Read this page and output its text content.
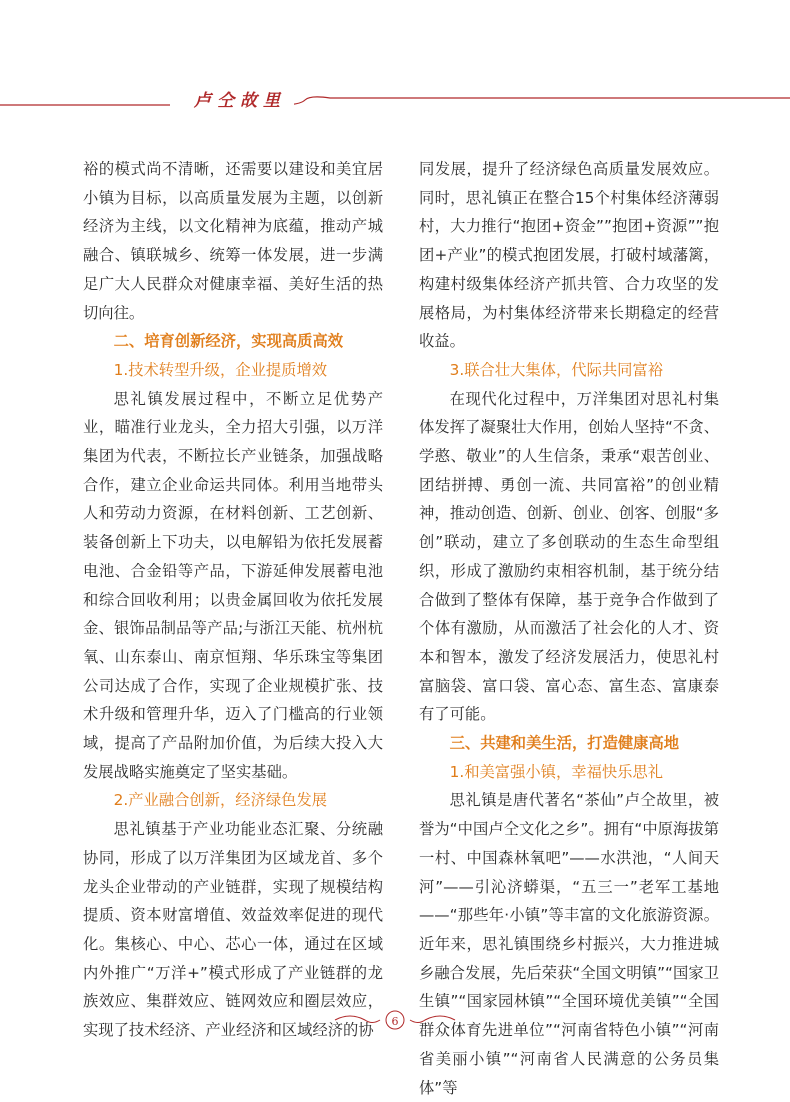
卢仝故里

裕的模式尚不清晰，还需要以建设和美宜居小镇为目标，以高质量发展为主题，以创新经济为主线，以文化精神为底蕴，推动产城融合、镇联城乡、统筹一体发展，进一步满足广大人民群众对健康幸福、美好生活的热切向往。

二、培育创新经济，实现高质高效

1.技术转型升级，企业提质增效

思礼镇发展过程中，不断立足优势产业，瞄准行业龙头，全力招大引强，以万洋集团为代表，不断拉长产业链条，加强战略合作，建立企业命运共同体。利用当地带头人和劳动力资源，在材料创新、工艺创新、装备创新上下功夫，以电解铅为依托发展蓄电池、合金铅等产品，下游延伸发展蓄电池和综合回收利用；以贵金属回收为依托发展金、银饰品制品等产品;与浙江天能、杭州杭氧、山东泰山、南京恒翔、华乐珠宝等集团公司达成了合作，实现了企业规模扩张、技术升级和管理升华，迈入了门槛高的行业领域，提高了产品附加价值，为后续大投入大发展战略实施奠定了坚实基础。

2.产业融合创新，经济绿色发展

思礼镇基于产业功能业态汇聚、分统融协同，形成了以万洋集团为区域龙首、多个龙头企业带动的产业链群，实现了规模结构提质、资本财富增值、效益效率促进的现代化。集核心、中心、芯心一体，通过在区域内外推广“万洋+”模式形成了产业链群的龙族效应、集群效应、链网效应和圈层效应，实现了技术经济、产业经济和区域经济的协

同发展，提升了经济绿色高质量发展效应。同时，思礼镇正在整合15个村集体经济薄弱村，大力推行“抱团+资金””抱团+资源””抱团+产业”的模式抱团发展，打破村域藩篱，构建村级集体经济产抓共管、合力攻坚的发展格局，为村集体经济带来长期稳定的经营收益。

3.联合壮大集体，代际共同富裕

在现代化过程中，万洋集团对思礼村集体发挥了凝聚壮大作用，创始人坚持“不贪、学憨、敬业”的人生信条，秉承“艰苦创业、团结拼搏、勇创一流、共同富裕”的创业精神，推动创造、创新、创业、创客、创服“多创”联动，建立了多创联动的生态生命型组织，形成了激励约束相容机制，基于统分结合做到了整体有保障，基于竞争合作做到了个体有激励，从而激活了社会化的人才、资本和智本，激发了经济发展活力，使思礼村富脑袋、富口袋、富心态、富生态、富康泰有了可能。

三、共建和美生活，打造健康高地

1.和美富强小镇，幸福快乐思礼

思礼镇是唐代著名“茶仙”卢仝故里，被誉为“中国卢仝文化之乡”。拥有“中原海拔第一村、中国森林氧吧”——水洪池，“人间天河”——引沁济蟒渠，“五三一”老军工基地——“那些年·小镇”等丰富的文化旅游资源。近年来，思礼镇围绕乡村振兴，大力推进城乡融合发展，先后荣获“全国文明镇”“国家卫生镇”“国家园林镇”“全国环境优美镇”“全国群众体育先进单位”“河南省特色小镇”“河南省美丽小镇”“河南省人民满意的公务员集体”等

6
